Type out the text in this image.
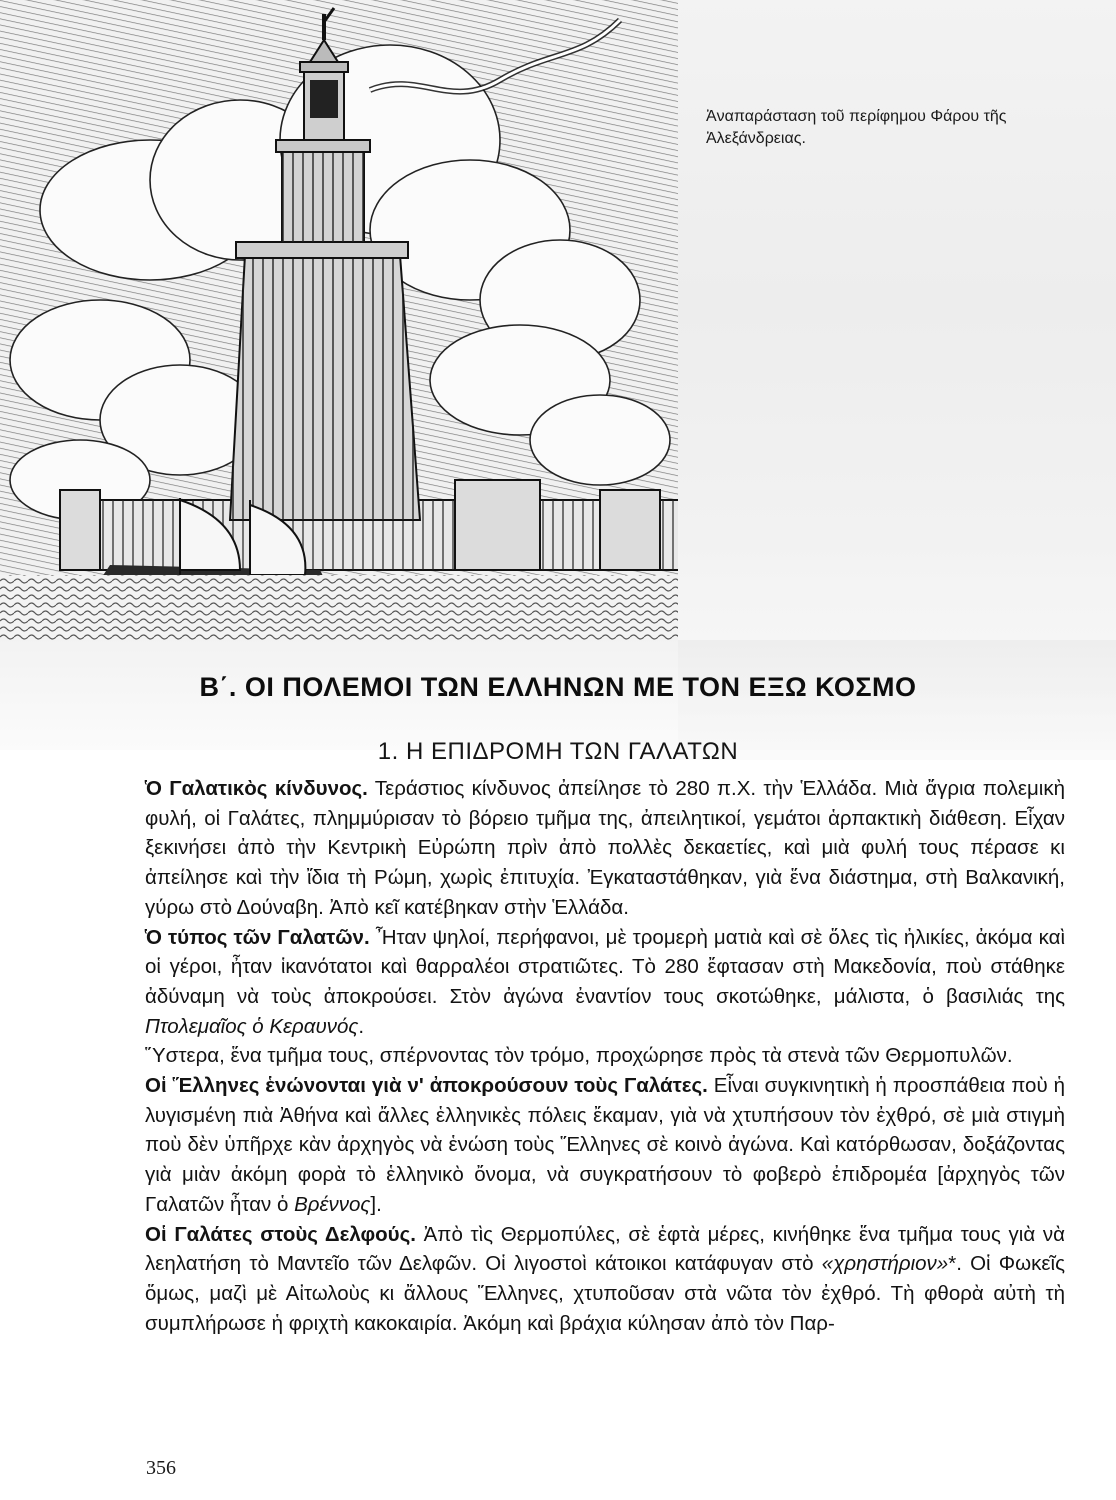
Ἀναπαράσταση τοῦ περίφημου Φάρου τῆς Ἀλεξάνδρειας.
Β΄. ΟΙ ΠΟΛΕΜΟΙ ΤΩΝ ΕΛΛΗΝΩΝ ΜΕ ΤΟΝ ΕΞΩ ΚΟΣΜΟ
1. Η ΕΠΙΔΡΟΜΗ ΤΩΝ ΓΑΛΑΤΩΝ

Ὁ Γαλατικὸς κίνδυνος. Τεράστιος κίνδυνος ἀπείλησε τὸ 280 π.Χ. τὴν Ἑλλάδα. Μιὰ ἄγρια πολεμικὴ φυλή, οἱ Γαλάτες, πλημμύρισαν τὸ βόρειο τμῆμα της, ἀπειλητικοί, γεμάτοι ἁρπακτικὴ διάθεση. Εἶχαν ξεκινήσει ἀπὸ τὴν Κεντρικὴ Εὐρώπη πρὶν ἀπὸ πολλὲς δεκαετίες, καὶ μιὰ φυλή τους πέρασε κι ἀπείλησε καὶ τὴν ἴδια τὴ Ρώμη, χωρὶς ἐπιτυχία. Ἐγκαταστάθηκαν, γιὰ ἕνα διάστημα, στὴ Βαλκανική, γύρω στὸ Δούναβη. Ἀπὸ κεῖ κατέβηκαν στὴν Ἑλλάδα.

Ὁ τύπος τῶν Γαλατῶν. Ἦταν ψηλοί, περήφανοι, μὲ τρομερὴ ματιὰ καὶ σὲ ὅλες τὶς ἡλικίες, ἀκόμα καὶ οἱ γέροι, ἦταν ἱκανότατοι καὶ θαρραλέοι στρατιῶτες. Τὸ 280 ἔφτασαν στὴ Μακεδονία, ποὺ στάθηκε ἀδύναμη νὰ τοὺς ἀποκρούσει. Στὸν ἀγώνα ἐναντίον τους σκοτώθηκε, μάλιστα, ὁ βασιλιάς της Πτολεμαῖος ὁ Κεραυνός.

Ὕστερα, ἕνα τμῆμα τους, σπέρνοντας τὸν τρόμο, προχώρησε πρὸς τὰ στενὰ τῶν Θερμοπυλῶν.

Οἱ Ἕλληνες ἑνώνονται γιὰ ν' ἀποκρούσουν τοὺς Γαλάτες. Εἶναι συγκινητικὴ ἡ προσπάθεια ποὺ ἡ λυγισμένη πιὰ Ἀθήνα καὶ ἄλλες ἑλληνικὲς πόλεις ἔκαμαν, γιὰ νὰ χτυπήσουν τὸν ἐχθρό, σὲ μιὰ στιγμὴ ποὺ δὲν ὑπῆρχε κὰν ἀρχηγὸς νὰ ἑνώση τοὺς Ἕλληνες σὲ κοινὸ ἀγώνα. Καὶ κατόρθωσαν, δοξάζοντας γιὰ μιὰν ἀκόμη φορὰ τὸ ἑλληνικὸ ὄνομα, νὰ συγκρατήσουν τὸ φοβερὸ ἐπιδρομέα [ἀρχηγὸς τῶν Γαλατῶν ἦταν ὁ Βρέννος].

Οἱ Γαλάτες στοὺς Δελφούς. Ἀπὸ τὶς Θερμοπύλες, σὲ ἑφτὰ μέρες, κινήθηκε ἕνα τμῆμα τους γιὰ νὰ λεηλατήση τὸ Μαντεῖο τῶν Δελφῶν. Οἱ λιγοστοὶ κάτοικοι κατάφυγαν στὸ «χρηστήριον»*. Οἱ Φωκεῖς ὅμως, μαζὶ μὲ Αἰτωλοὺς κι ἄλλους Ἕλληνες, χτυποῦσαν στὰ νῶτα τὸν ἐχθρό. Τὴ φθορὰ αὐτὴ τὴ συμπλήρωσε ἡ φριχτὴ κακοκαιρία. Ἀκόμη καὶ βράχια κύλησαν ἀπὸ τὸν Παρ-

356
